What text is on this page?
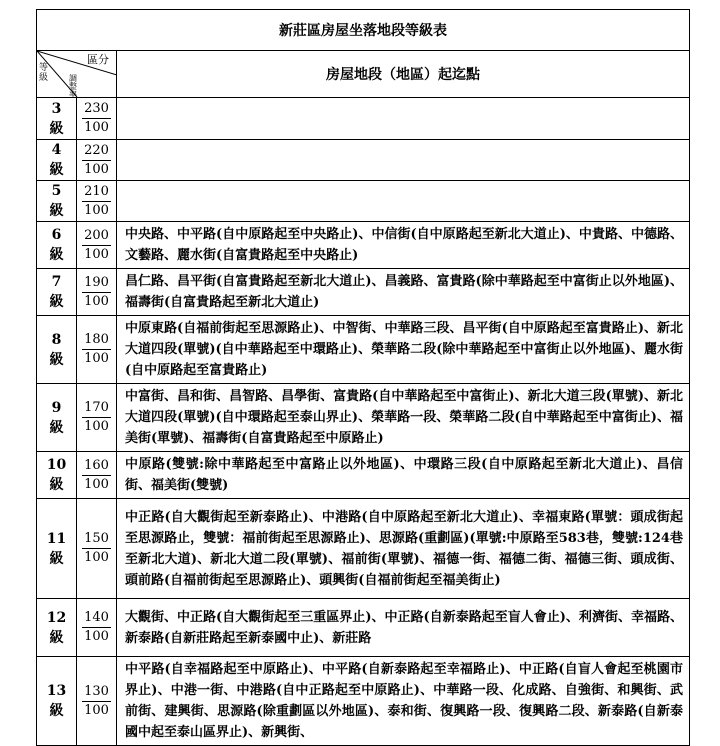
新莊區房屋坐落地段等級表		

區分
等級 調整率		房屋地段（地區）起迄點

3
級	$\frac{230}{100}$

4
級	$\frac{220}{100}$

5
級	$\frac{210}{100}$

6
級	$\frac{200}{100}$	中央路、中平路(自中原路起至中央路止)、中信街(自中原路起至新北大道止)、中貴路、中德路、文藝路、麗水街(自富貴路起至中央路止)

7
級	$\frac{190}{100}$	昌仁路、昌平街(自富貴路起至新北大道止)、昌義路、富貴路(除中華路起至中富街止以外地區)、福壽街(自富貴路起至新北大道止)

8
級	$\frac{180}{100}$	中原東路(自福前街起至思源路止)、中智街、中華路三段、昌平街(自中原路起至富貴路止)、新北大道四段(單號)(自中華路起至中環路止)、榮華路二段(除中華路起至中富街止以外地區)、麗水街(自中原路起至富貴路止)

9
級	$\frac{170}{100}$	中富街、昌和街、昌智路、昌學街、富貴路(自中華路起至中富街止)、新北大道三段(單號)、新北大道四段(單號)(自中環路起至泰山界止)、榮華路一段、榮華路二段(自中華路起至中富街止)、福美街(單號)、福壽街(自富貴路起至中原路止)

10
級	$\frac{160}{100}$	中原路(雙號:除中華路起至中富路止以外地區)、中環路三段(自中原路起至新北大道止)、昌信街、福美街(雙號)

11
級	$\frac{150}{100}$	中正路(自大觀街起至新泰路止)、中港路(自中原路起至新北大道止)、幸福東路(單號：頭成街起至思源路止，雙號：福前街起至思源路止)、思源路(重劃區)(單號:中原路至583巷，雙號:124巷至新北大道)、新北大道二段(單號)、福前街(單號)、福德一街、福德二街、福德三街、頭成街、頭前路(自福前街起至思源路止)、頭興街(自福前街起至福美街止)

12
級	$\frac{140}{100}$	大觀街、中正路(自大觀街起至三重區界止)、中正路(自新泰路起至盲人會止)、利濟街、幸福路、新泰路(自新莊路起至新泰國中止)、新莊路

13
級	$\frac{130}{100}$	中平路(自幸福路起至中原路止)、中平路(自新泰路起至幸福路止)、中正路(自盲人會起至桃園市界止)、中港一街、中港路(自中正路起至中原路止)、中華路一段、化成路、自強街、和興街、武前街、建興街、思源路(除重劃區以外地區)、泰和街、復興路一段、復興路二段、新泰路(自新泰國中起至泰山區界止)、新興街、
